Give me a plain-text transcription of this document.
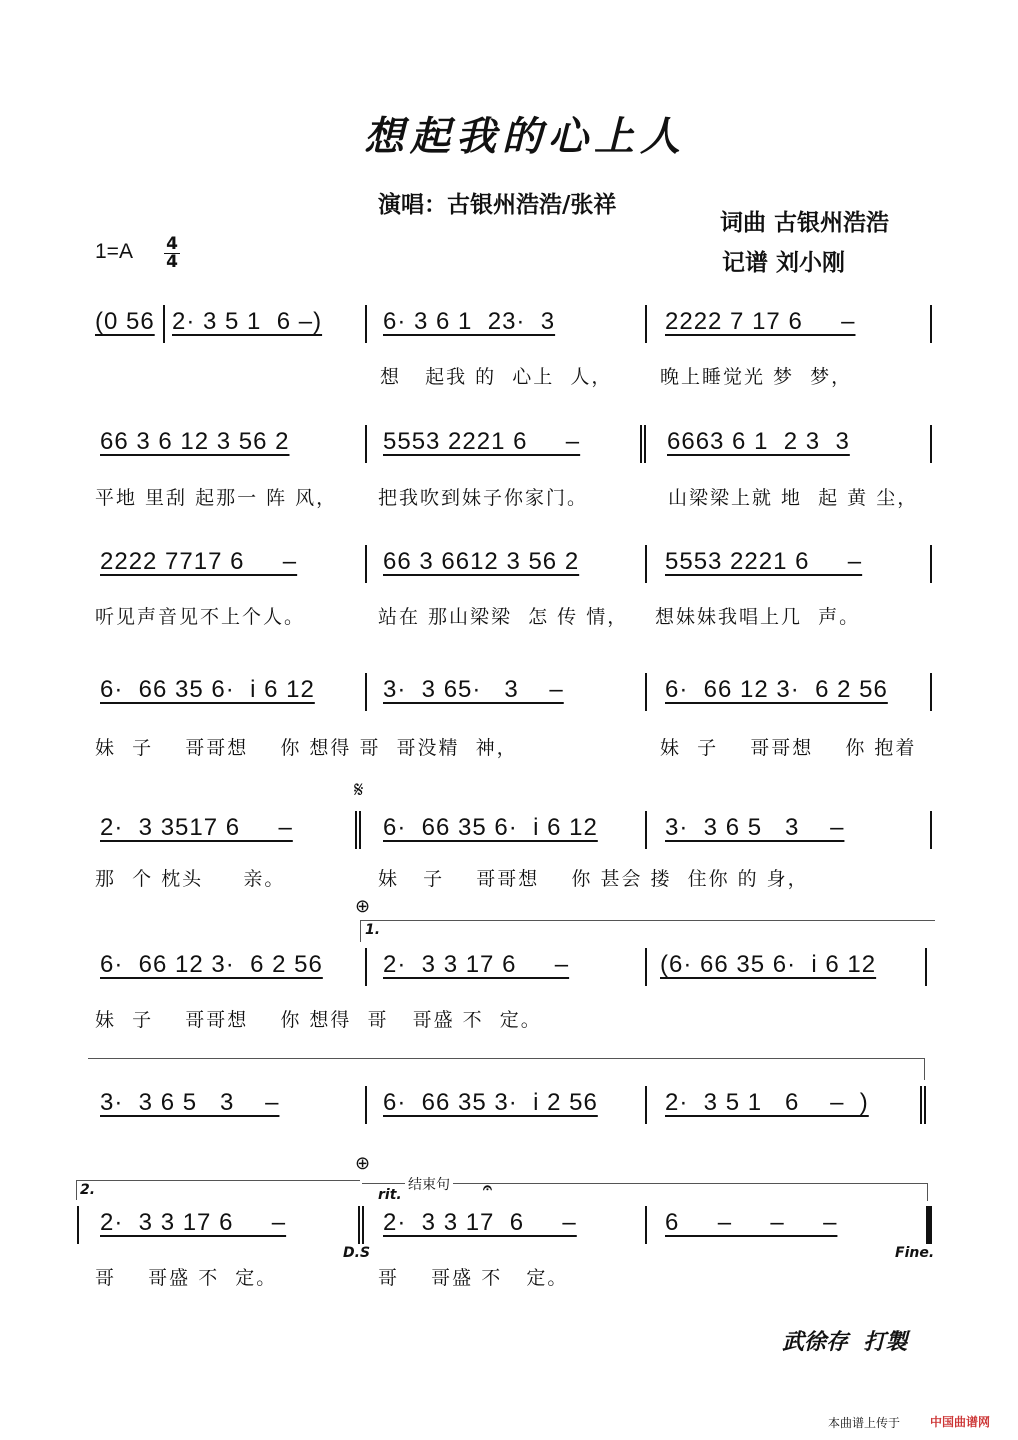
想起我的心上人
演唱：古银州浩浩/张祥
词曲 古银州浩浩
记谱 刘小刚
1=A 4
4
(0 56 2· 3 5 1  6 –)	6· 3 6 1  23·  3	2222 7 17 6     –
想   起我 的  心上  人，	晚上睡觉光 梦  梦，
66 3 6 12 3 56 2	5553 2221 6     –	6663 6 1  2 3  3
平地 里刮 起那一 阵 风， 把我吹到妹子你家门。	山梁梁上就 地  起 黄 尘，
2222 7717 6     –	66 3 6612 3 56 2	5553 2221 6     –
听见声音见不上个人。	站在 那山梁梁  怎 传 情， 想妹妹我唱上几  声。
6·  66 35 6·  i 6 12	3·  3 65·   3    –	6·  66 12 3·  6 2 56
妹  子    哥哥想    你 想得 哥  哥没精  神，	妹  子    哥哥想    你 抱着
𝄋
2·  3 3517 6     –	6·  66 35 6·  i 6 12	3·  3 6 5   3    –
那  个 枕头     亲。	妹   子    哥哥想    你 甚会 搂  住你 的 身，
⊕
1.
6·  66 12 3·  6 2 56	2·  3 3 17 6     –	(6· 66 35 6·  i 6 12
妹  子    哥哥想    你 想得  哥   哥盛 不  定。
3·  3 6 5   3    –	6·  66 35 3·  i 2 56	2·  3 5 1   6    –  )
2.
⊕
结束句
rit.
2·  3 3 17 6     –
D.S
2·  3 3 17  6     –
𝄐
6     –     –     –
Fine.
哥    哥盛 不  定。	哥    哥盛 不   定。
武徐存  打製
本曲谱上传于 中国曲谱网
